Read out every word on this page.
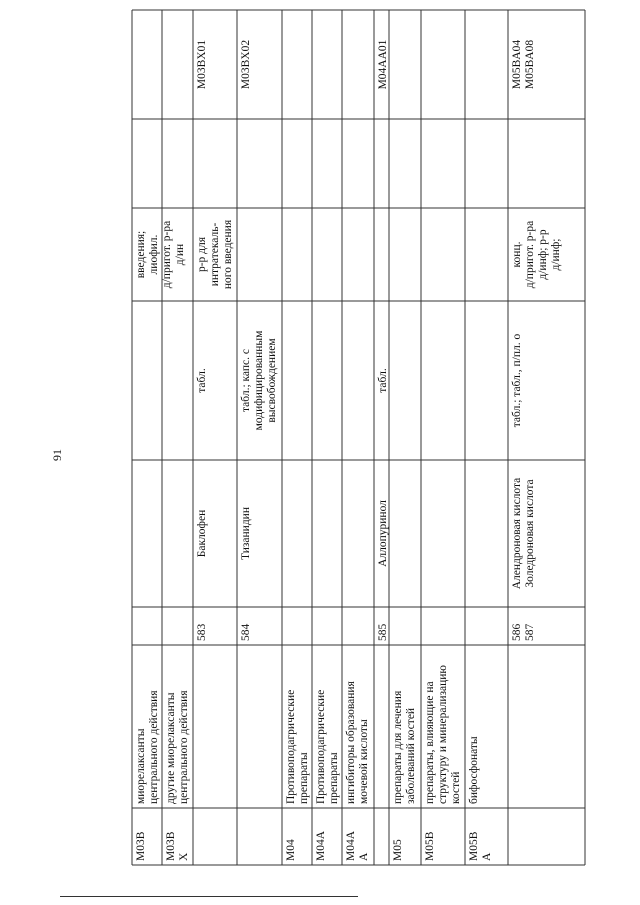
91
M03B
миорелаксанты
центрального действия
введения;
лиофил.
д/пригот. р-ра
д/ин
M03B
X
другие миорелаксанты
центрального действия
583
Баклофен
табл.
р-р для
интратекаль-
ного введения
M03BX01
584
Тизанидин
табл.; капс. с
модифицированным
высвобождением
M03BX02
M04
Противоподагрические
препараты
M04A
Противоподагрические
препараты
M04A
A
ингибиторы образования
мочевой кислоты
585
Аллопуринол
табл.
M04AA01
M05
препараты для лечения
заболеваний костей
M05B
препараты, влияющие на
структуру и минерализацию
костей
M05B
A
бифосфонаты
586
587
Алендроновая кислота
Золедроновая кислота
табл.; табл., п/пл. о
конц.
д/пригот. р-ра
д/инф; р-р
д/инф;
M05BA04
M05BA08
